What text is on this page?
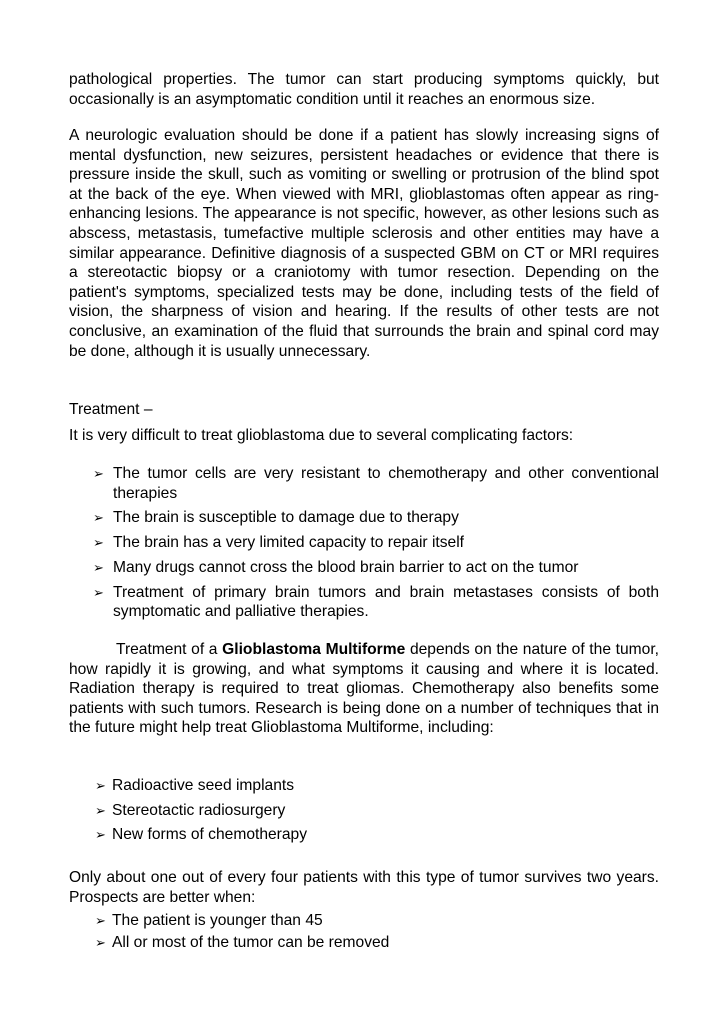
pathological properties. The tumor can start producing symptoms quickly, but occasionally is an asymptomatic condition until it reaches an enormous size.

A neurologic evaluation should be done if a patient has slowly increasing signs of mental dysfunction, new seizures, persistent headaches or evidence that there is pressure inside the skull, such as vomiting or swelling or protrusion of the blind spot at the back of the eye. When viewed with MRI, glioblastomas often appear as ring-enhancing lesions. The appearance is not specific, however, as other lesions such as abscess, metastasis, tumefactive multiple sclerosis and other entities may have a similar appearance. Definitive diagnosis of a suspected GBM on CT or MRI requires a stereotactic biopsy or a craniotomy with tumor resection. Depending on the patient's symptoms, specialized tests may be done, including tests of the field of vision, the sharpness of vision and hearing. If the results of other tests are not conclusive, an examination of the fluid that surrounds the brain and spinal cord may be done, although it is usually unnecessary.

Treatment –

It is very difficult to treat glioblastoma due to several complicating factors:

➢
The tumor cells are very resistant to chemotherapy and other conventional therapies
➢
The brain is susceptible to damage due to therapy
➢
The brain has a very limited capacity to repair itself
➢
Many drugs cannot cross the blood brain barrier to act on the tumor
➢
Treatment of primary brain tumors and brain metastases consists of both symptomatic and palliative therapies.

Treatment of a Glioblastoma Multiforme depends on the nature of the tumor, how rapidly it is growing, and what symptoms it causing and where it is located. Radiation therapy is required to treat gliomas. Chemotherapy also benefits some patients with such tumors. Research is being done on a number of techniques that in the future might help treat Glioblastoma Multiforme, including:

➢
Radioactive seed implants
➢
Stereotactic radiosurgery
➢
New forms of chemotherapy

Only about one out of every four patients with this type of tumor survives two years. Prospects are better when:

➢
The patient is younger than 45
➢
All or most of the tumor can be removed
